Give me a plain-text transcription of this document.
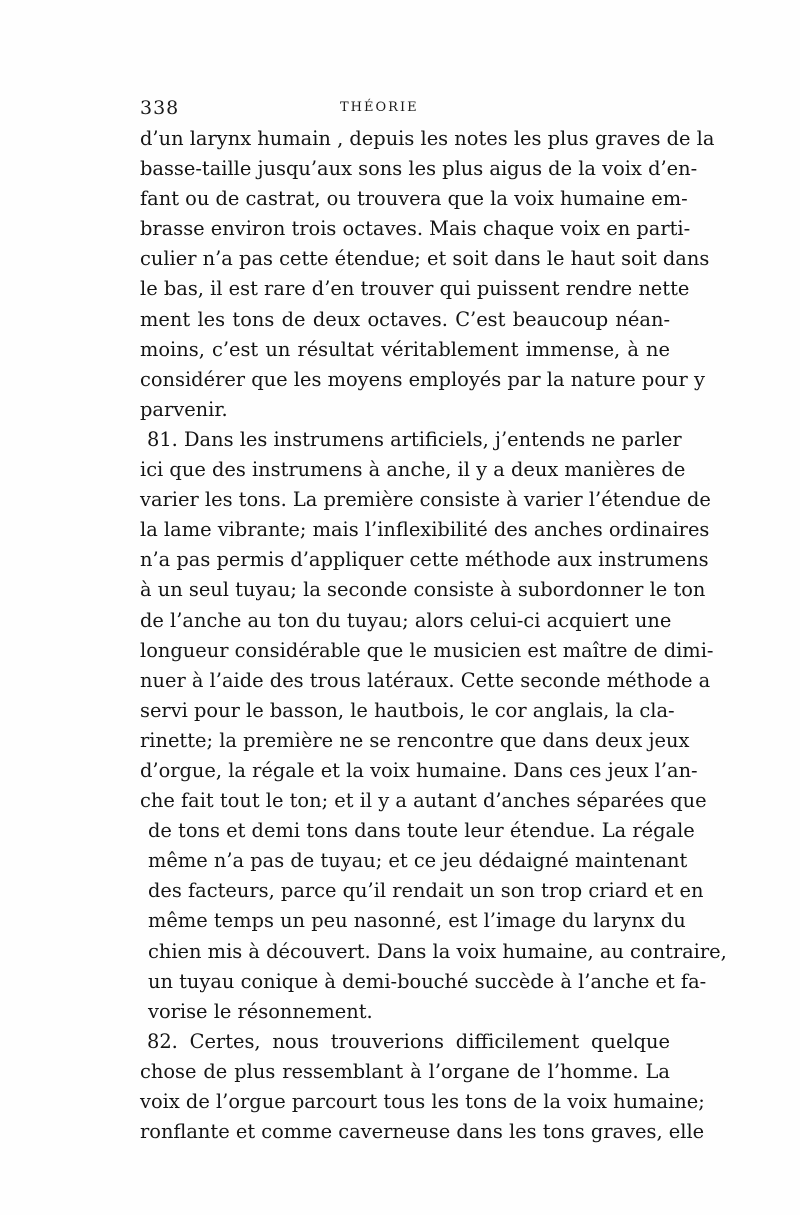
338	THÉORIE
d’un larynx humain , depuis les notes les plus graves de la
basse-taille jusqu’aux sons les plus aigus de la voix d’en-
fant ou de castrat, ou trouvera que la voix humaine em-
brasse environ trois octaves. Mais chaque voix en parti-
culier n’a pas cette étendue; et soit dans le haut soit dans
le bas, il est rare d’en trouver qui puissent rendre nette
ment les tons de deux octaves. C’est beaucoup néan-
moins, c’est un résultat véritablement immense, à ne
considérer que les moyens employés par la nature pour y
parvenir.
81. Dans les instrumens artificiels, j’entends ne parler
ici que des instrumens à anche, il y a deux manières de
varier les tons. La première consiste à varier l’étendue de
la lame vibrante; mais l’inflexibilité des anches ordinaires
n’a pas permis d’appliquer cette méthode aux instrumens
à un seul tuyau; la seconde consiste à subordonner le ton
de l’anche au ton du tuyau; alors celui-ci acquiert une
longueur considérable que le musicien est maître de dimi-
nuer à l’aide des trous latéraux. Cette seconde méthode a
servi pour le basson, le hautbois, le cor anglais, la cla-
rinette; la première ne se rencontre que dans deux jeux
d’orgue, la régale et la voix humaine. Dans ces jeux l’an-
che fait tout le ton; et il y a autant d’anches séparées que
de tons et demi tons dans toute leur étendue. La régale
même n’a pas de tuyau; et ce jeu dédaigné maintenant
des facteurs, parce qu’il rendait un son trop criard et en
même temps un peu nasonné, est l’image du larynx du
chien mis à découvert. Dans la voix humaine, au contraire,
un tuyau conique à demi-bouché succède à l’anche et fa-
vorise le résonnement.
82. Certes, nous trouverions difficilement quelque
chose de plus ressemblant à l’organe de l’homme. La
voix de l’orgue parcourt tous les tons de la voix humaine;
ronflante et comme caverneuse dans les tons graves, elle
